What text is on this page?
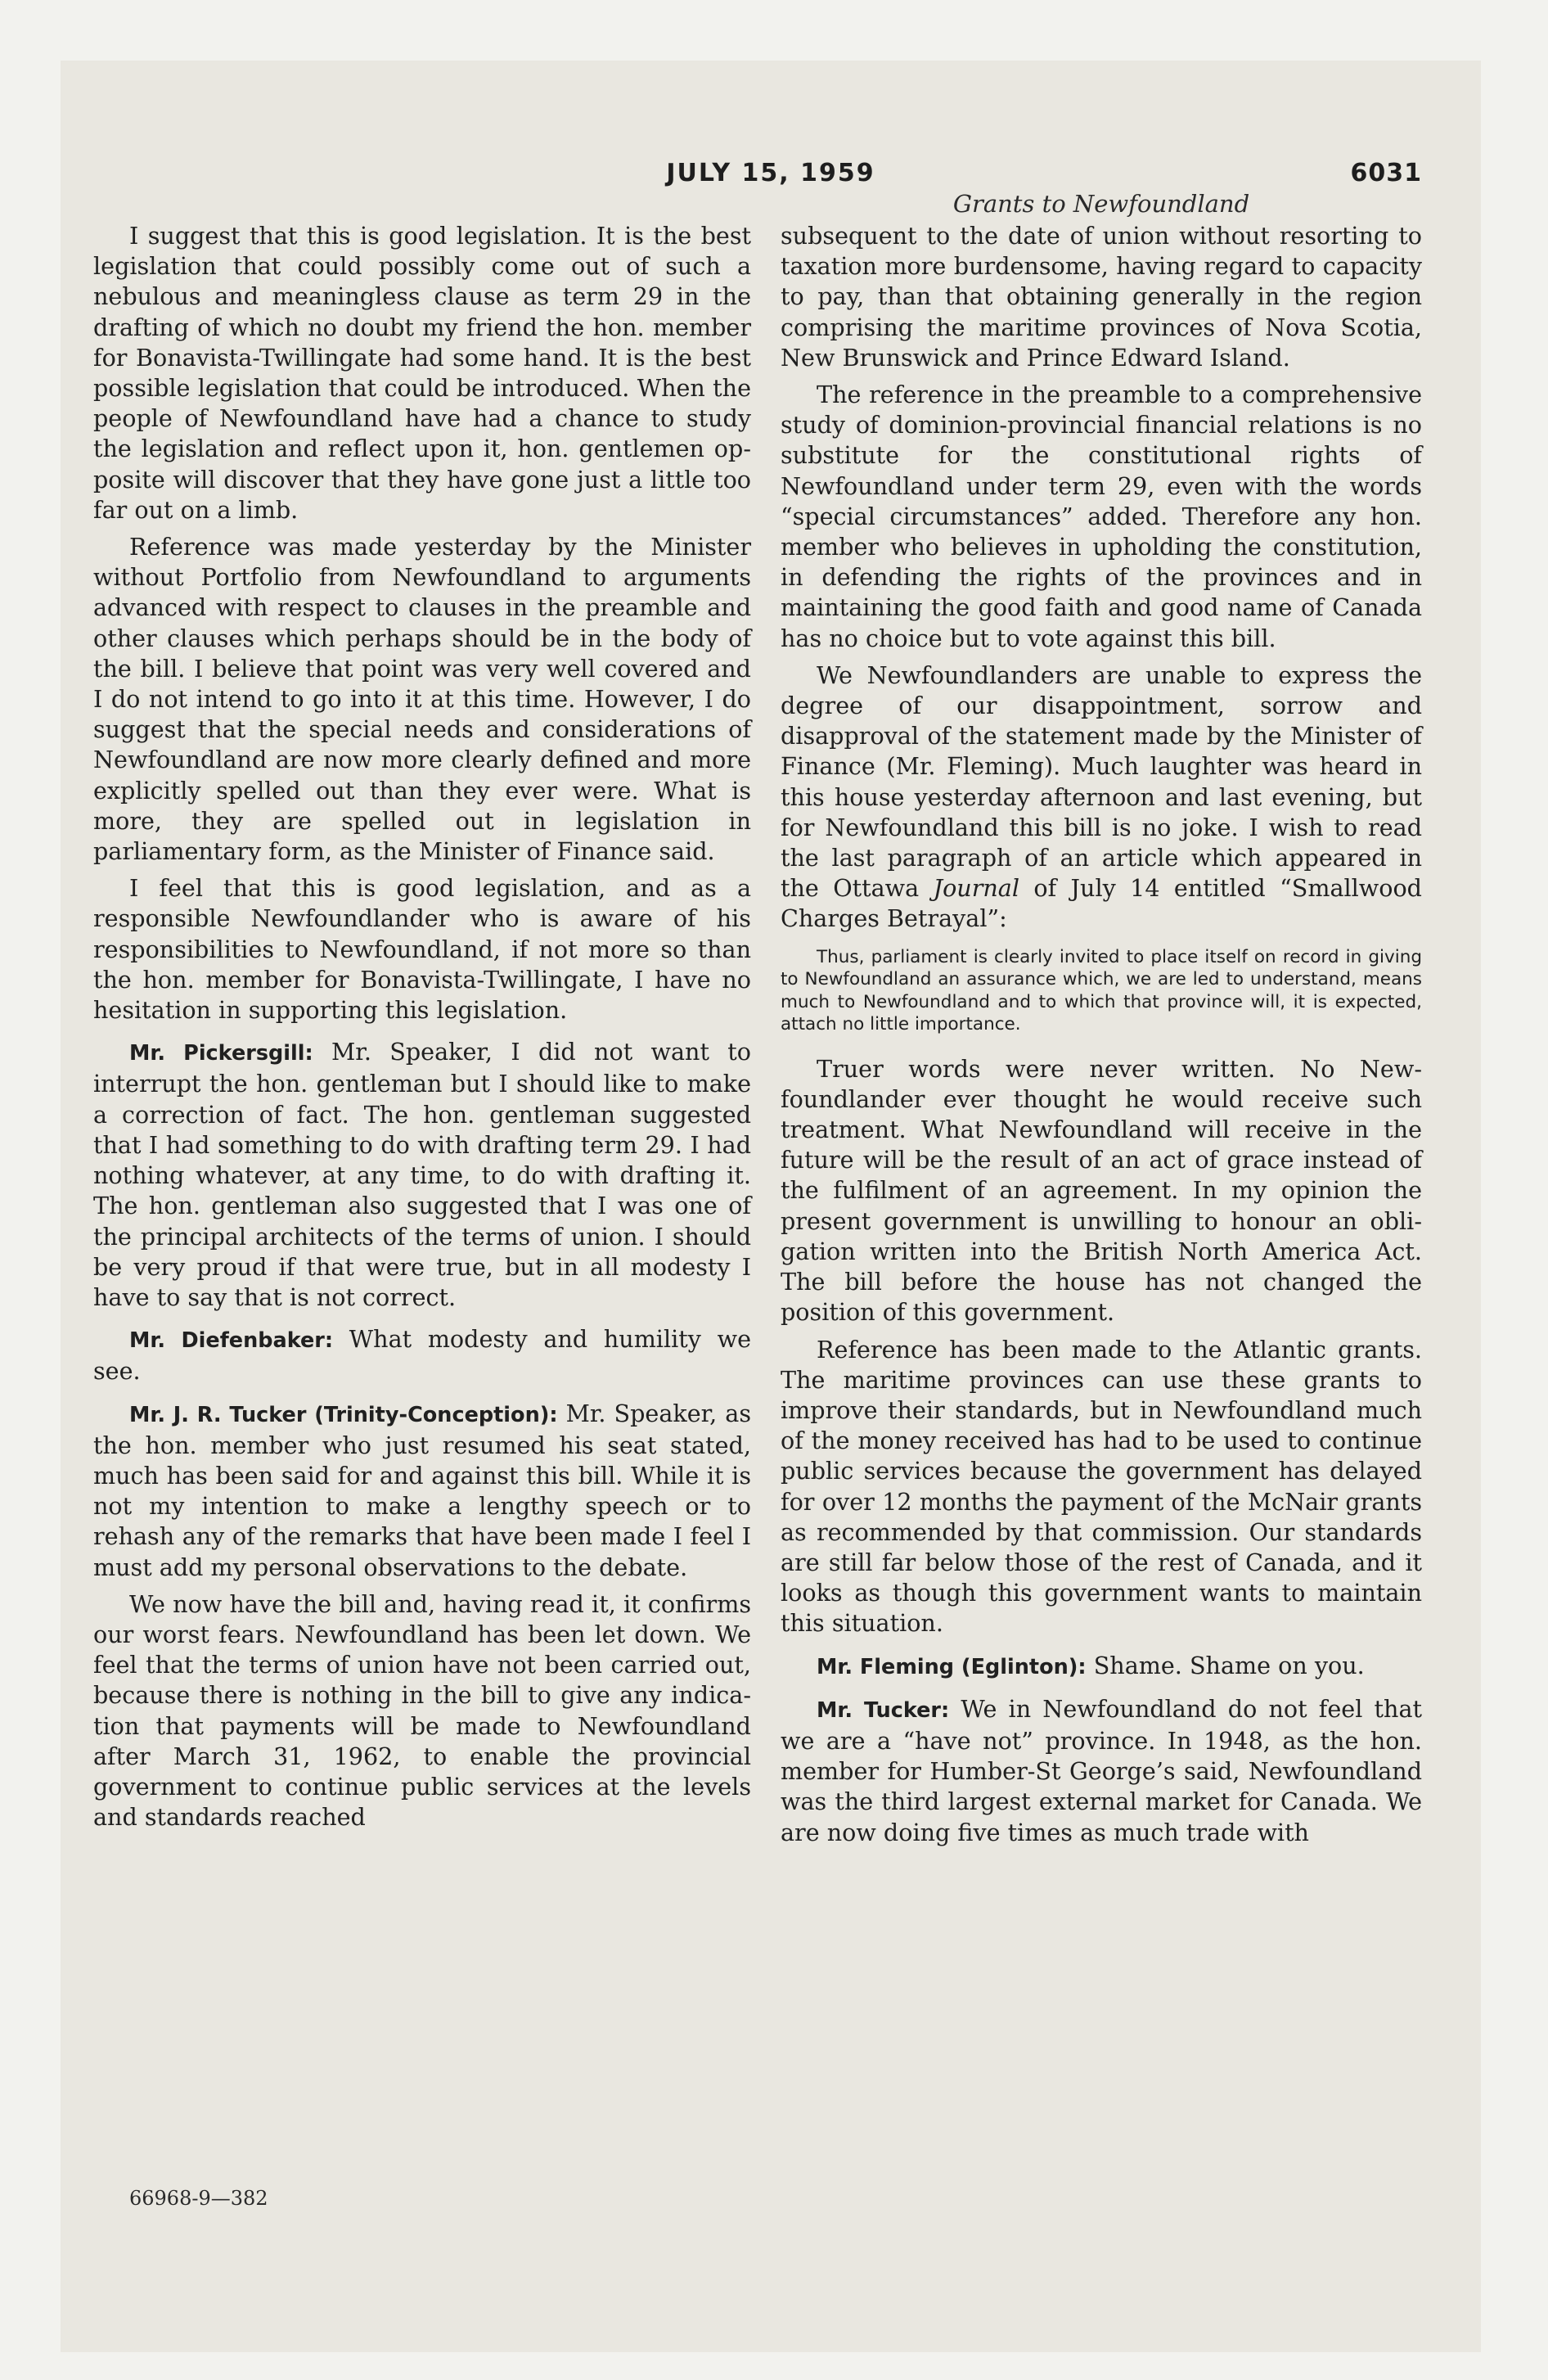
JULY 15, 1959	6031
Grants to Newfoundland

I suggest that this is good legislation. It is the best legislation that could possibly come out of such a nebulous and meaningless clause as term 29 in the drafting of which no doubt my friend the hon. member for Bonavista-Twillingate had some hand. It is the best possible legislation that could be introduced. When the people of Newfoundland have had a chance to study the legislation and reflect upon it, hon. gentlemen opposite will discover that they have gone just a little too far out on a limb.

Reference was made yesterday by the Minister without Portfolio from Newfoundland to arguments advanced with respect to clauses in the preamble and other clauses which perhaps should be in the body of the bill. I believe that point was very well covered and I do not intend to go into it at this time. However, I do suggest that the special needs and considerations of Newfoundland are now more clearly defined and more explicitly spelled out than they ever were. What is more, they are spelled out in legislation in parliamentary form, as the Minister of Finance said.

I feel that this is good legislation, and as a responsible Newfoundlander who is aware of his responsibilities to Newfoundland, if not more so than the hon. member for Bonavista-Twillingate, I have no hesitation in supporting this legislation.

Mr. Pickersgill: Mr. Speaker, I did not want to interrupt the hon. gentleman but I should like to make a correction of fact. The hon. gentleman suggested that I had something to do with drafting term 29. I had nothing whatever, at any time, to do with drafting it. The hon. gentleman also suggested that I was one of the principal architects of the terms of union. I should be very proud if that were true, but in all modesty I have to say that is not correct.

Mr. Diefenbaker: What modesty and humility we see.

Mr. J. R. Tucker (Trinity-Conception): Mr. Speaker, as the hon. member who just resumed his seat stated, much has been said for and against this bill. While it is not my intention to make a lengthy speech or to rehash any of the remarks that have been made I feel I must add my personal observations to the debate.

We now have the bill and, having read it, it confirms our worst fears. Newfoundland has been let down. We feel that the terms of union have not been carried out, because there is nothing in the bill to give any indication that payments will be made to Newfoundland after March 31, 1962, to enable the provincial government to continue public services at the levels and standards reached

subsequent to the date of union without resorting to taxation more burdensome, having regard to capacity to pay, than that obtaining generally in the region comprising the maritime provinces of Nova Scotia, New Brunswick and Prince Edward Island.

The reference in the preamble to a comprehensive study of dominion-provincial financial relations is no substitute for the constitutional rights of Newfoundland under term 29, even with the words “special circumstances” added. Therefore any hon. member who believes in upholding the constitution, in defending the rights of the provinces and in maintaining the good faith and good name of Canada has no choice but to vote against this bill.

We Newfoundlanders are unable to express the degree of our disappointment, sorrow and disapproval of the statement made by the Minister of Finance (Mr. Fleming). Much laughter was heard in this house yesterday afternoon and last evening, but for Newfoundland this bill is no joke. I wish to read the last paragraph of an article which appeared in the Ottawa Journal of July 14 entitled “Smallwood Charges Betrayal”:

Thus, parliament is clearly invited to place itself on record in giving to Newfoundland an assurance which, we are led to understand, means much to Newfoundland and to which that province will, it is expected, attach no little importance.

Truer words were never written. No Newfoundlander ever thought he would receive such treatment. What Newfoundland will receive in the future will be the result of an act of grace instead of the fulfilment of an agreement. In my opinion the present government is unwilling to honour an obligation written into the British North America Act. The bill before the house has not changed the position of this government.

Reference has been made to the Atlantic grants. The maritime provinces can use these grants to improve their standards, but in Newfoundland much of the money received has had to be used to continue public services because the government has delayed for over 12 months the payment of the McNair grants as recommended by that commission. Our standards are still far below those of the rest of Canada, and it looks as though this government wants to maintain this situation.

Mr. Fleming (Eglinton): Shame. Shame on you.

Mr. Tucker: We in Newfoundland do not feel that we are a “have not” province. In 1948, as the hon. member for Humber-St George’s said, Newfoundland was the third largest external market for Canada. We are now doing five times as much trade with

66968-9—382
